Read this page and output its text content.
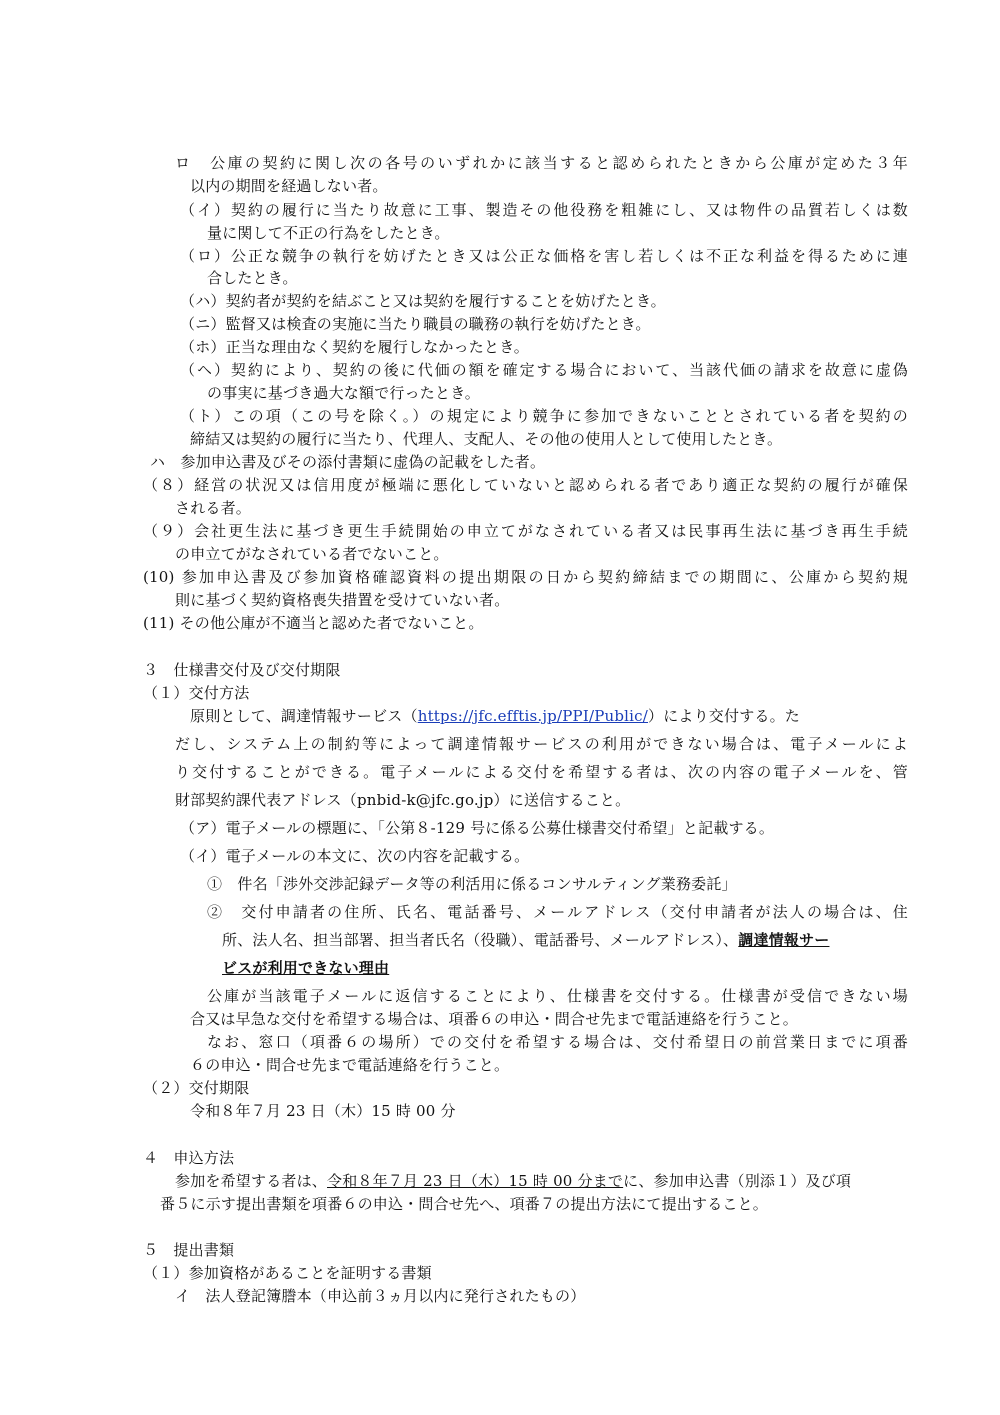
ロ　公庫の契約に関し次の各号のいずれかに該当すると認められたときから公庫が定めた３年
以内の期間を経過しない者。
（イ）契約の履行に当たり故意に工事、製造その他役務を粗雑にし、又は物件の品質若しくは数
量に関して不正の行為をしたとき。
（ロ）公正な競争の執行を妨げたとき又は公正な価格を害し若しくは不正な利益を得るために連
合したとき。
（ハ）契約者が契約を結ぶこと又は契約を履行することを妨げたとき。
（ニ）監督又は検査の実施に当たり職員の職務の執行を妨げたとき。
（ホ）正当な理由なく契約を履行しなかったとき。
（ヘ）契約により、契約の後に代価の額を確定する場合において、当該代価の請求を故意に虚偽
の事実に基づき過大な額で行ったとき。
（ト）この項（この号を除く。）の規定により競争に参加できないこととされている者を契約の
締結又は契約の履行に当たり、代理人、支配人、その他の使用人として使用したとき。
ハ　参加申込書及びその添付書類に虚偽の記載をした者。
（８）経営の状況又は信用度が極端に悪化していないと認められる者であり適正な契約の履行が確保
される者。
（９）会社更生法に基づき更生手続開始の申立てがなされている者又は民事再生法に基づき再生手続
の申立てがなされている者でないこと。
(10) 参加申込書及び参加資格確認資料の提出期限の日から契約締結までの期間に、公庫から契約規
則に基づく契約資格喪失措置を受けていない者。
(11) その他公庫が不適当と認めた者でないこと。
３　仕様書交付及び交付期限
（１）交付方法
原則として、調達情報サービス（https://jfc.efftis.jp/PPI/Public/）により交付する。た
だし、システム上の制約等によって調達情報サービスの利用ができない場合は、電子メールによ
り交付することができる。電子メールによる交付を希望する者は、次の内容の電子メールを、管
財部契約課代表アドレス（pnbid-k@jfc.go.jp）に送信すること。
（ア）電子メールの標題に、「公第８-129 号に係る公募仕様書交付希望」と記載する。
（イ）電子メールの本文に、次の内容を記載する。
①　件名「渉外交渉記録データ等の利活用に係るコンサルティング業務委託」
②　交付申請者の住所、氏名、電話番号、メールアドレス（交付申請者が法人の場合は、住
所、法人名、担当部署、担当者氏名（役職）、電話番号、メールアドレス）、調達情報サー
ビスが利用できない理由
公庫が当該電子メールに返信することにより、仕様書を交付する。仕様書が受信できない場
合又は早急な交付を希望する場合は、項番６の申込・問合せ先まで電話連絡を行うこと。
なお、窓口（項番６の場所）での交付を希望する場合は、交付希望日の前営業日までに項番
６の申込・問合せ先まで電話連絡を行うこと。
（２）交付期限
令和８年７月 23 日（木）15 時 00 分
４　申込方法
参加を希望する者は、令和８年７月 23 日（木）15 時 00 分までに、参加申込書（別添１）及び項
番５に示す提出書類を項番６の申込・問合せ先へ、項番７の提出方法にて提出すること。
５　提出書類
（１）参加資格があることを証明する書類
イ　法人登記簿謄本（申込前３ヵ月以内に発行されたもの）
